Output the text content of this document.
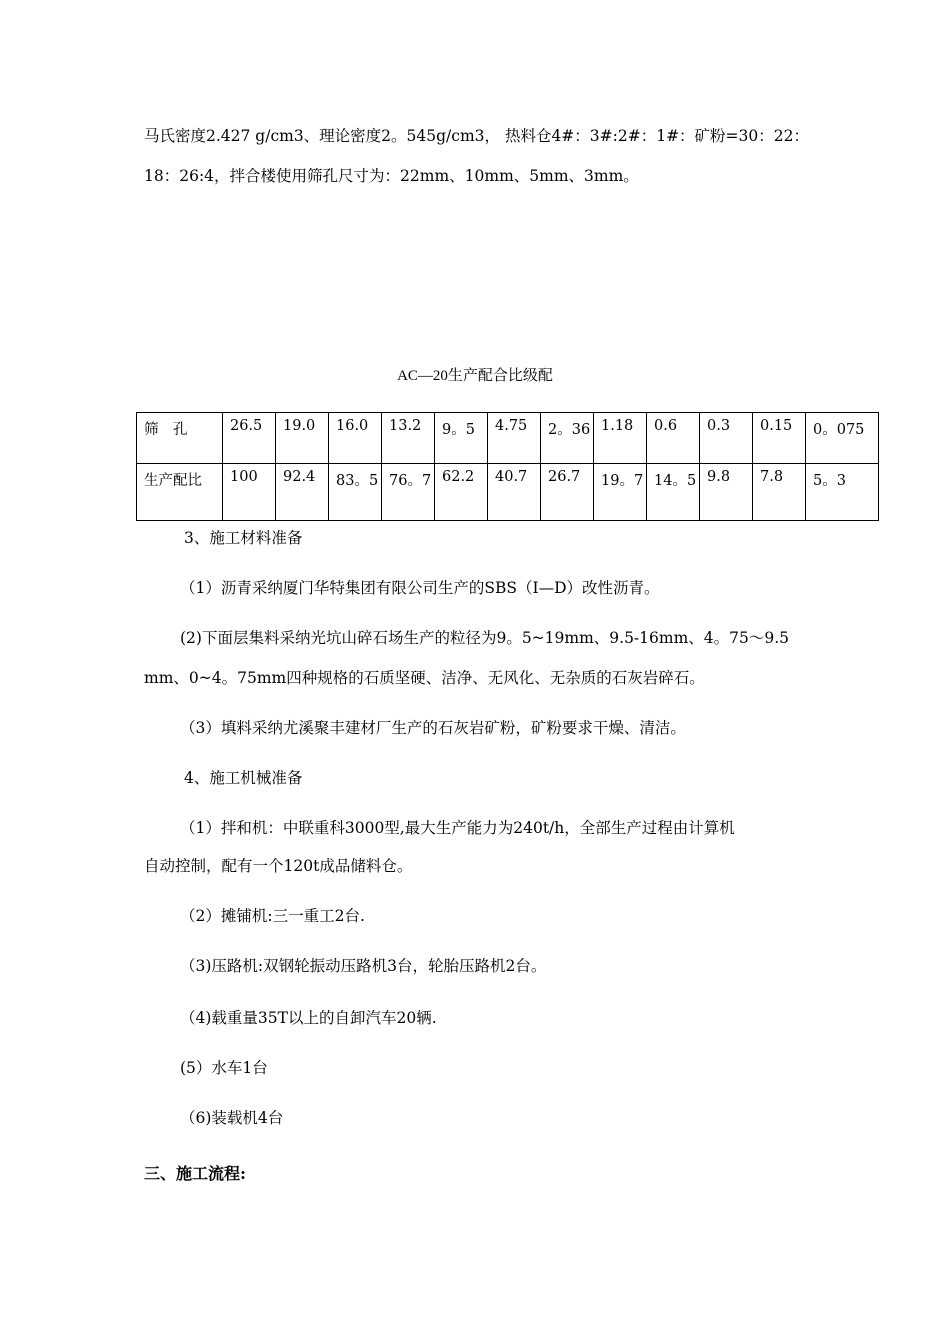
马氏密度2.427 g/cm3、理论密度2。545g/cm3， 热料仓4#：3#:2#：1#：矿粉=30：22：

18：26:4，拌合楼使用筛孔尺寸为：22mm、10mm、5mm、3mm。

AC—20生产配合比级配
筛　孔	26.5	19.0	16.0	13.2	9。5	4.75	2。36	1.18	0.6	0.3	0.15	0。075
生产配比	100	92.4	83。5	76。7	62.2	40.7	26.7	19。7	14。5	9.8	7.8	5。3

3、施工材料准备

（1）沥青采纳厦门华特集团有限公司生产的SBS（I—D）改性沥青。

(2)下面层集料采纳光坑山碎石场生产的粒径为9。5~19mm、9.5-16mm、4。75～9.5

mm、0~4。75mm四种规格的石质坚硬、洁净、无风化、无杂质的石灰岩碎石。

（3）填料采纳尤溪聚丰建材厂生产的石灰岩矿粉，矿粉要求干燥、清洁。

4、施工机械准备

（1）拌和机：中联重科3000型,最大生产能力为240t/h，全部生产过程由计算机

自动控制，配有一个120t成品储料仓。

（2）摊铺机:三一重工2台.

（3)压路机:双钢轮振动压路机3台，轮胎压路机2台。

（4)载重量35T以上的自卸汽车20辆.

(5）水车1台

（6)装载机4台

三、施工流程:
